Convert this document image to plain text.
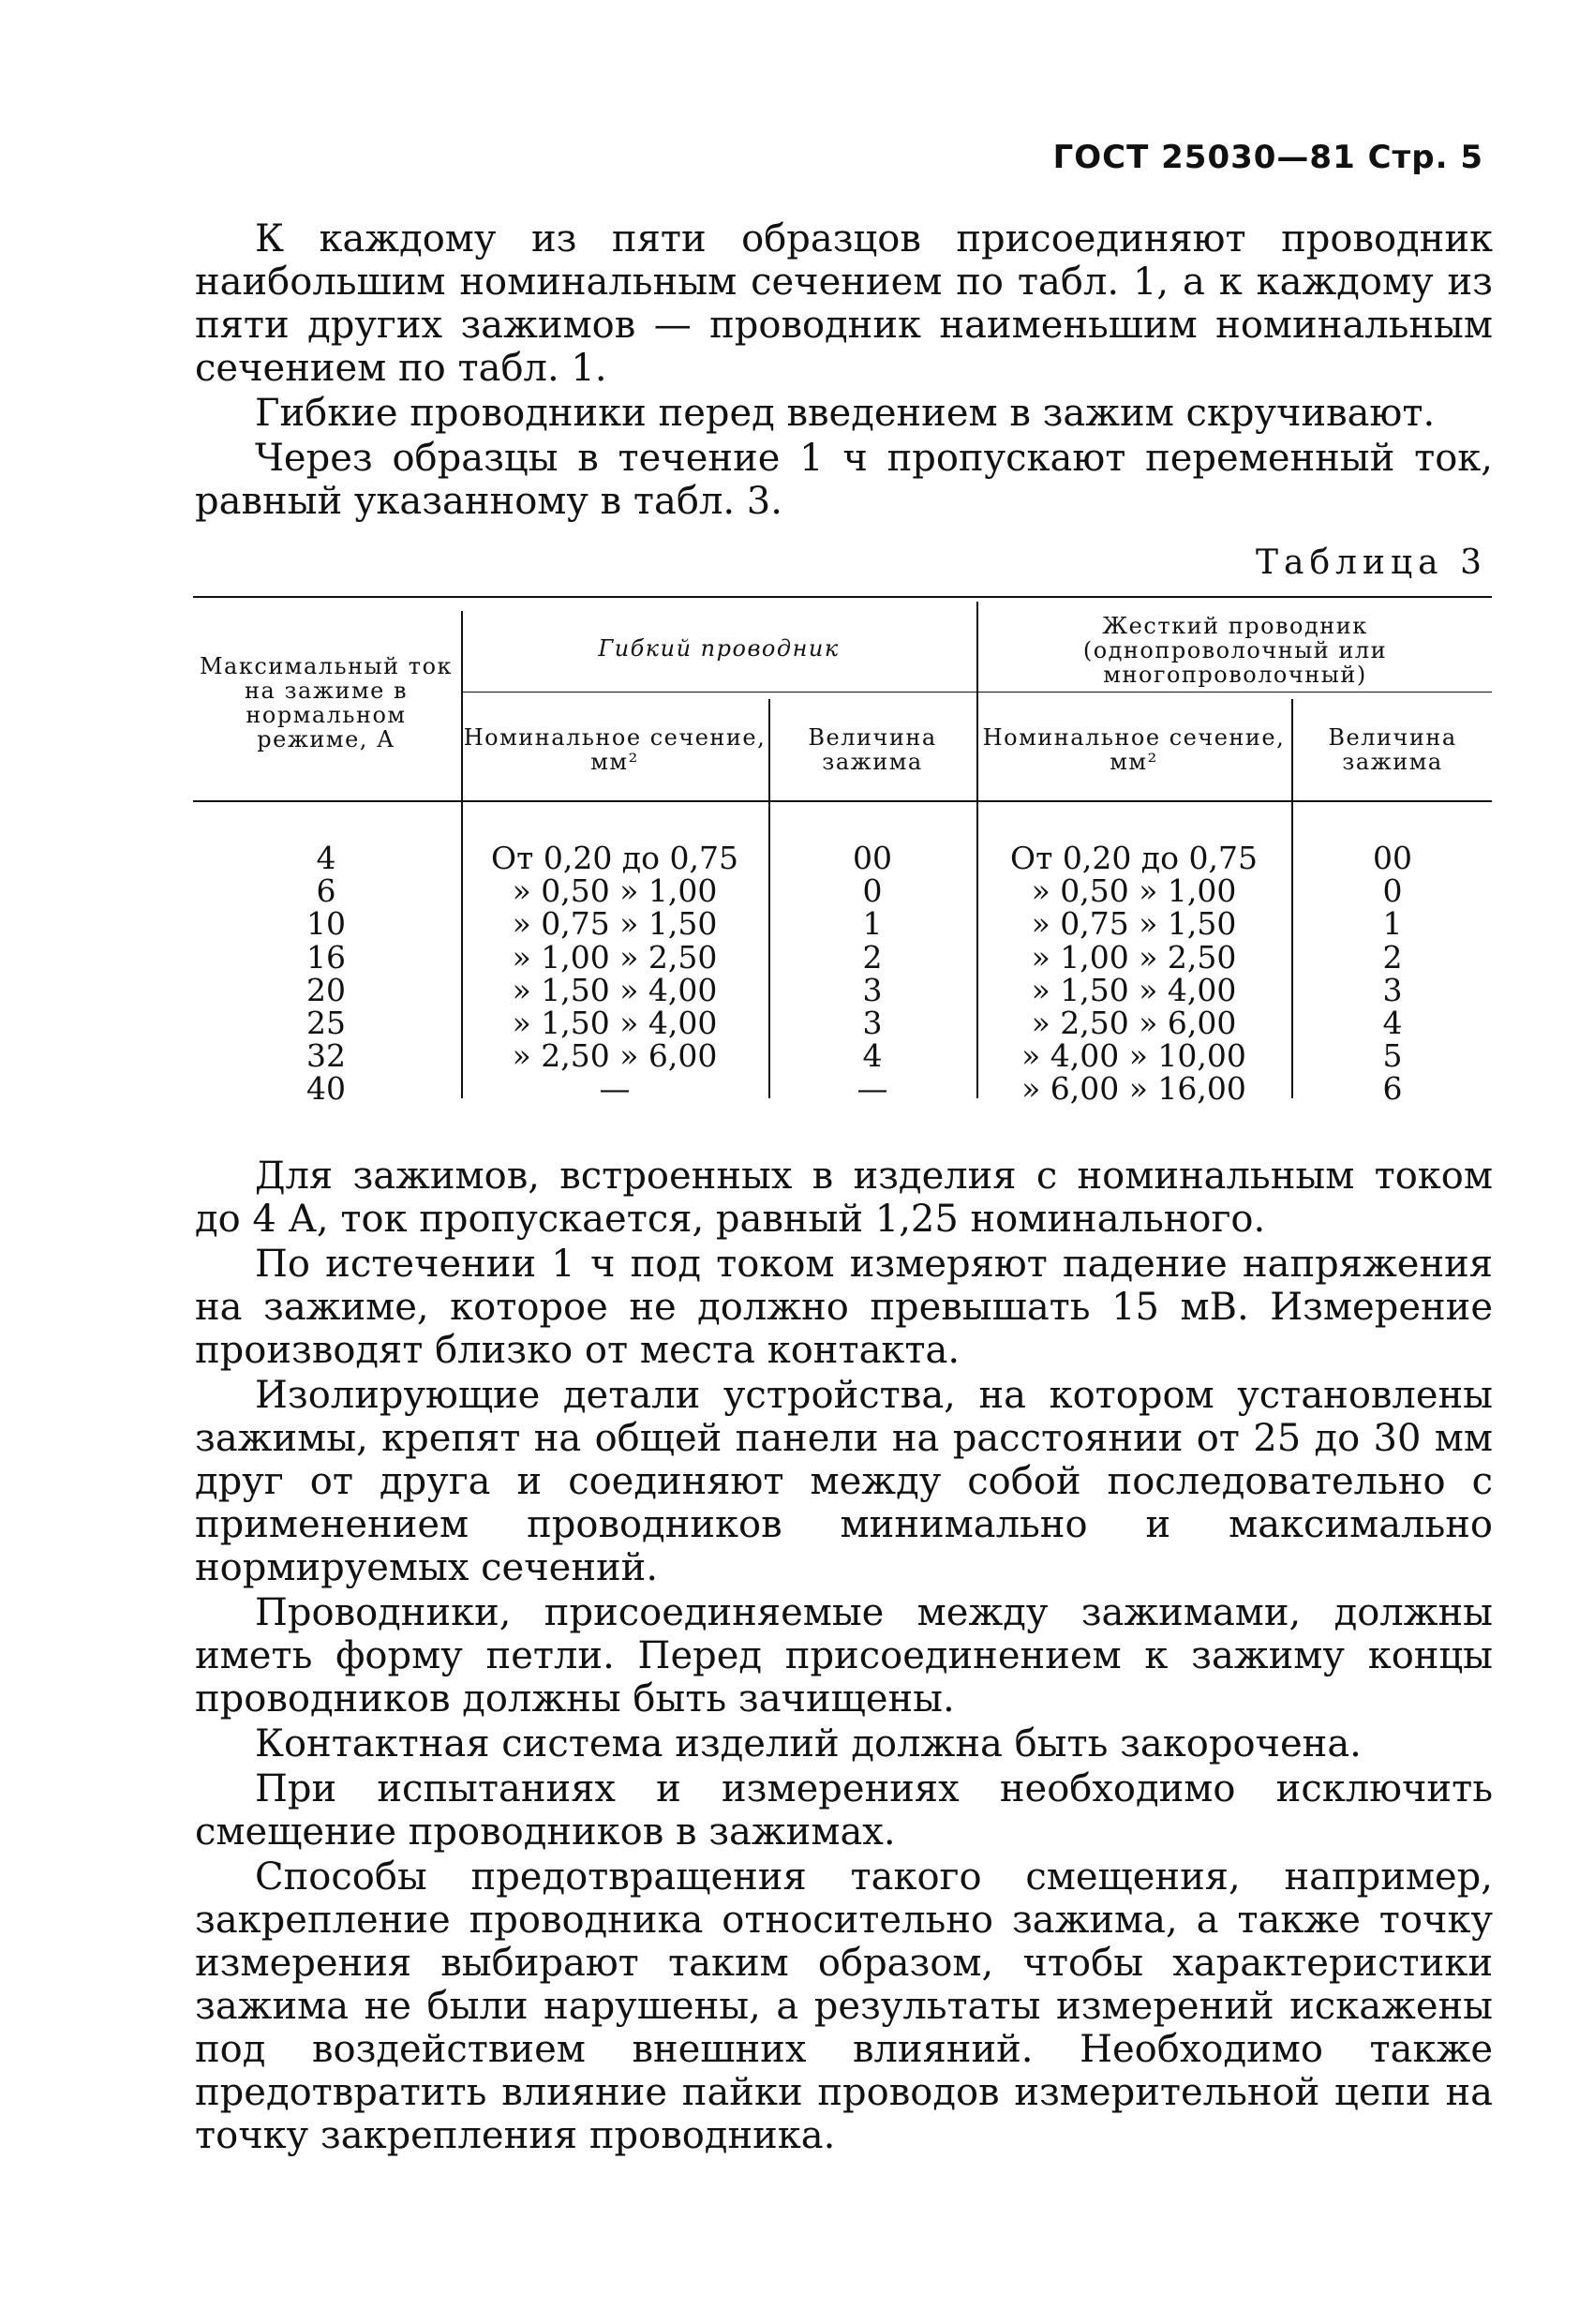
ГОСТ 25030—81 Стр. 5

К каждому из пяти образцов присоединяют проводник наибольшим номинальным сечением по табл. 1, а к каждому из пяти других зажимов — проводник наименьшим номинальным сечением по табл. 1.

Гибкие проводники перед введением в зажим скручивают.

Через образцы в течение 1 ч пропускают переменный ток, равный указанному в табл. 3.

Таблица 3
Максимальный ток на зажиме в нормальном режиме, А
Гибкий проводник
Жесткий проводник (однопроволочный или многопроволочный)
Номинальное сечение, мм²
Величина зажима
Номинальное сечение, мм²
Величина зажима
4
6
10
16
20
25
32
40
От 0,20 до 0,75
» 0,50 » 1,00
» 0,75 » 1,50
» 1,00 » 2,50
» 1,50 » 4,00
» 1,50 » 4,00
» 2,50 » 6,00
—
00
0
1
2
3
3
4
—
От 0,20 до 0,75
» 0,50 » 1,00
» 0,75 » 1,50
» 1,00 » 2,50
» 1,50 » 4,00
» 2,50 » 6,00
» 4,00 » 10,00
» 6,00 » 16,00
00
0
1
2
3
4
5
6

Для зажимов, встроенных в изделия с номинальным током до 4 А, ток пропускается, равный 1,25 номинального.

По истечении 1 ч под током измеряют падение напряжения на зажиме, которое не должно превышать 15 мВ. Измерение производят близко от места контакта.

Изолирующие детали устройства, на котором установлены зажимы, крепят на общей панели на расстоянии от 25 до 30 мм друг от друга и соединяют между собой последовательно с применением проводников минимально и максимально нормируемых сечений.

Проводники, присоединяемые между зажимами, должны иметь форму петли. Перед присоединением к зажиму концы проводников должны быть зачищены.

Контактная система изделий должна быть закорочена.

При испытаниях и измерениях необходимо исключить смещение проводников в зажимах.

Способы предотвращения такого смещения, например, закрепление проводника относительно зажима, а также точку измерения выбирают таким образом, чтобы характеристики зажима не были нарушены, а результаты измерений искажены под воздействием внешних влияний. Необходимо также предотвратить влияние пайки проводов измерительной цепи на точку закрепления проводника.
